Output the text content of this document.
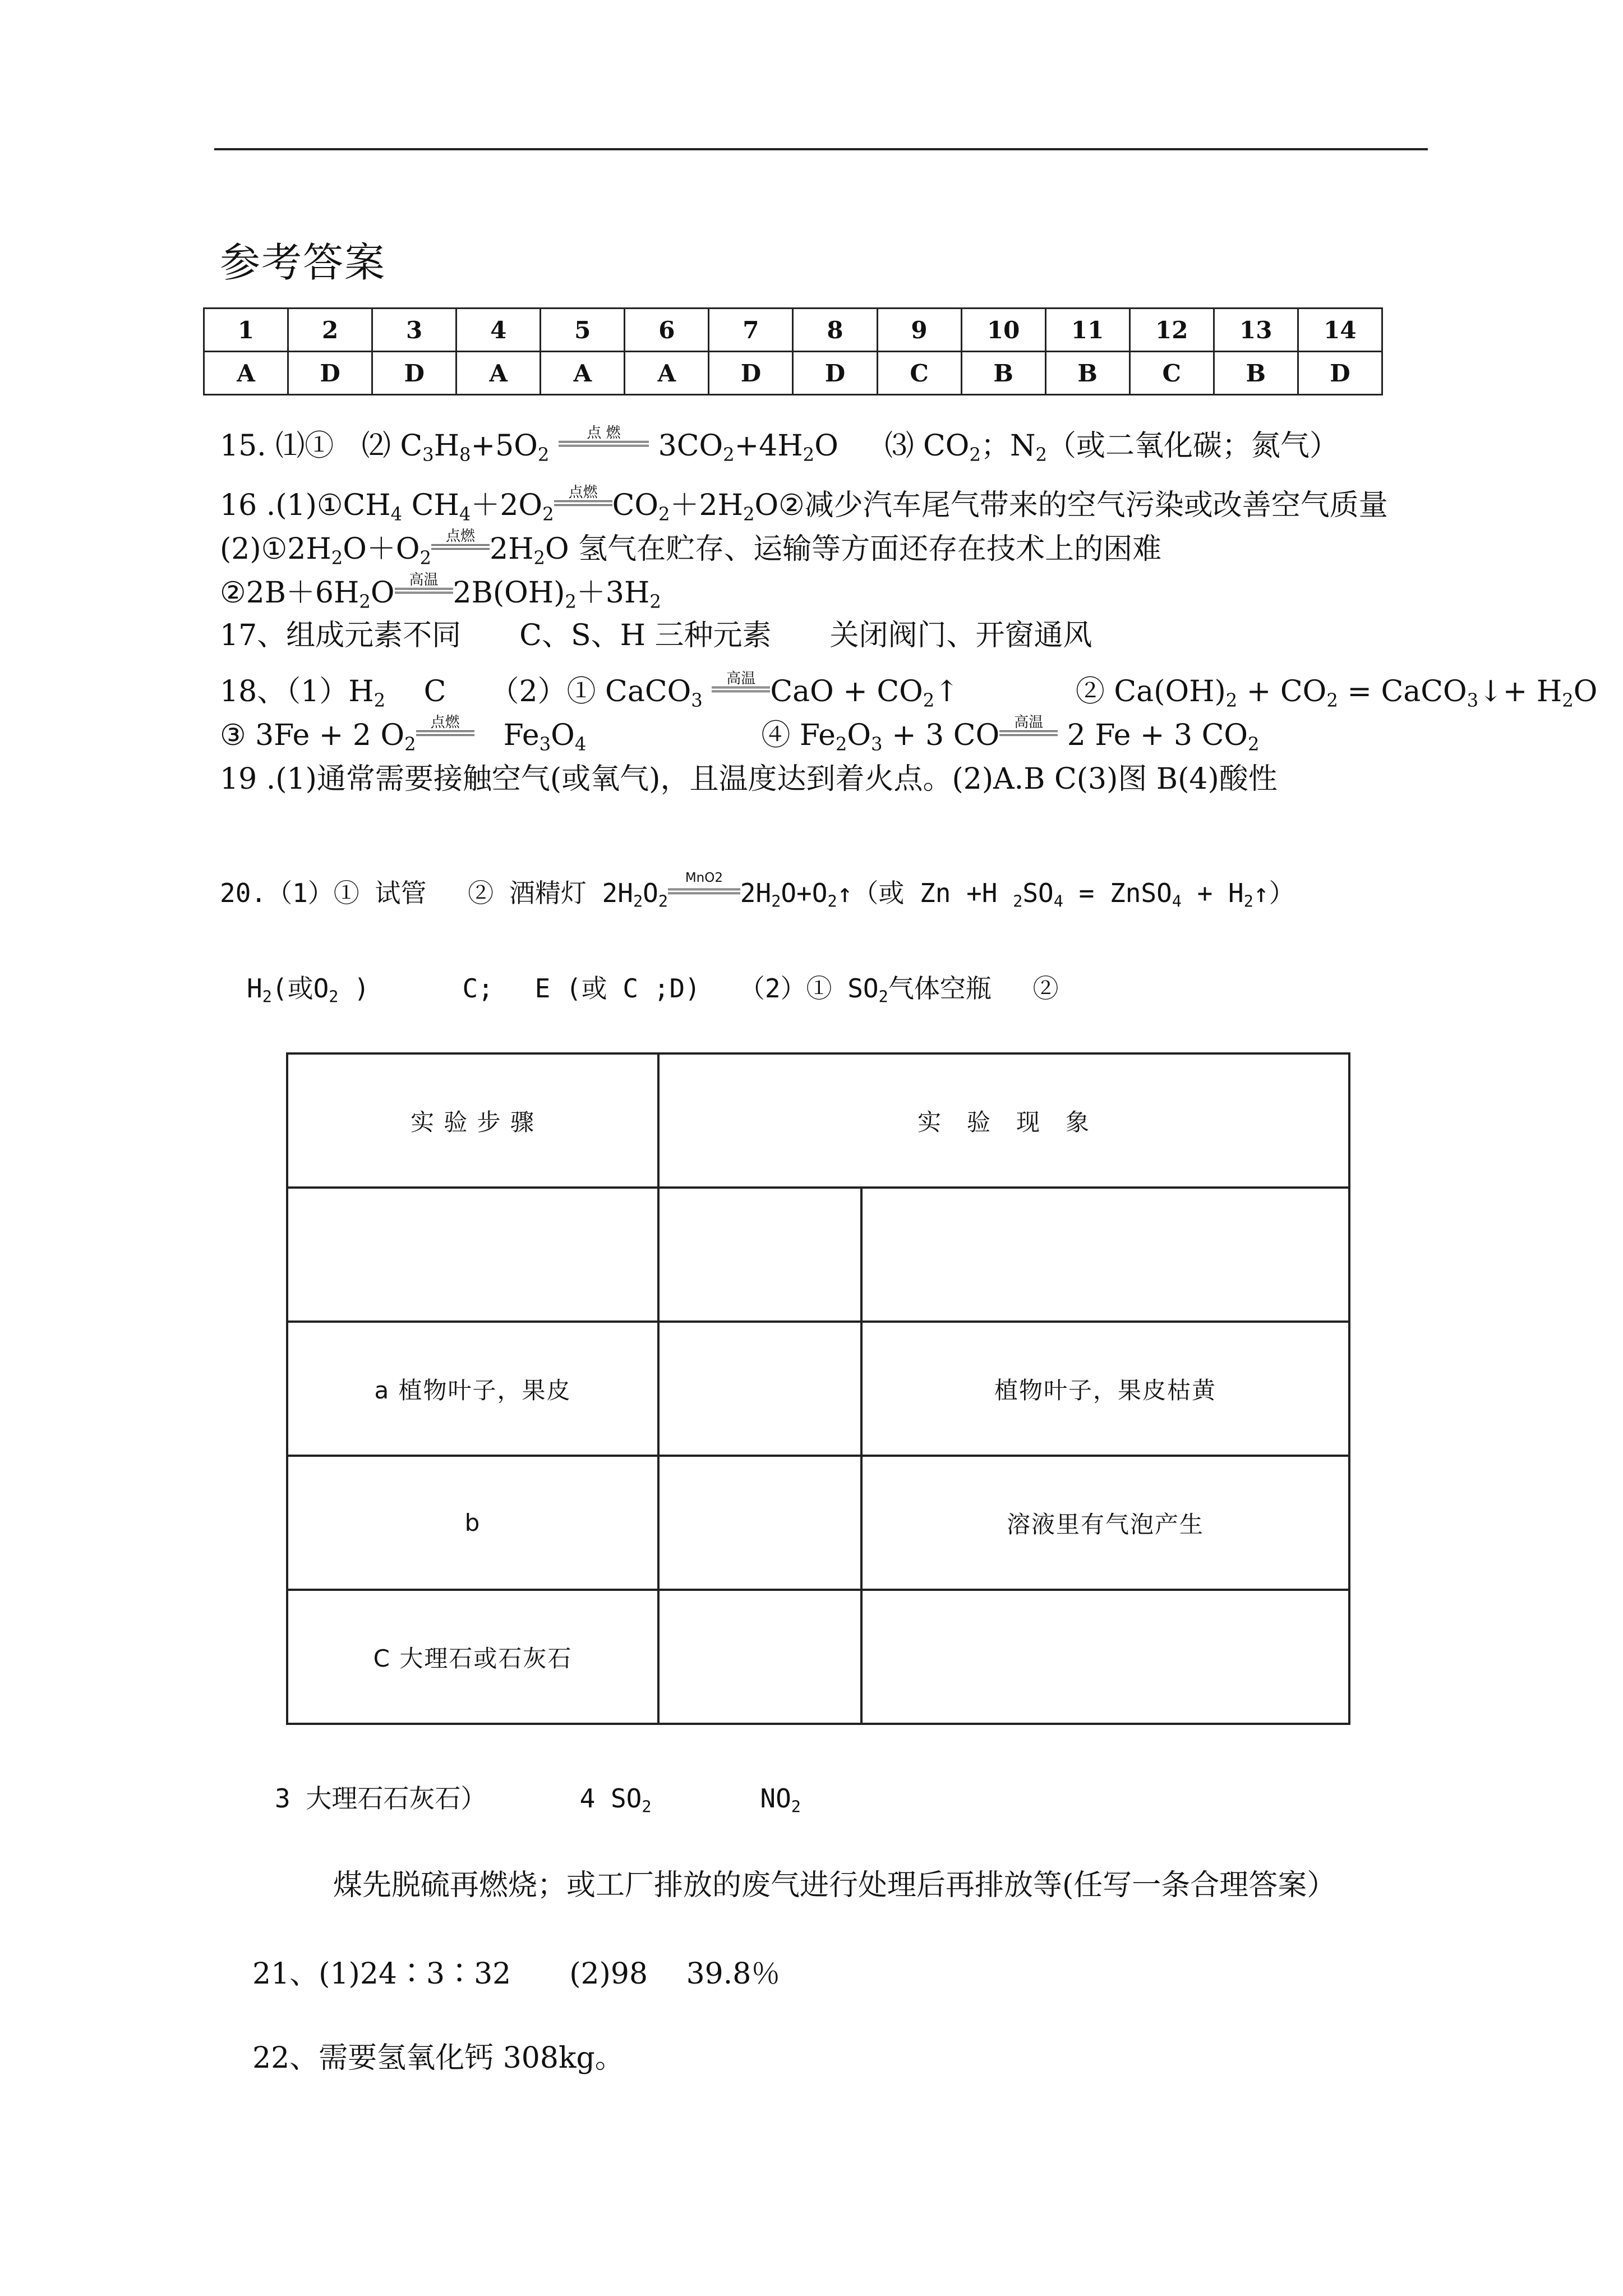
参考答案
1	2	3	4	5	6	7	8	9	10	11	12	13	14
A	D	D	A	A	A	D	D	C	B	B	C	B	D
15. ⑴① ⑵ $C_3H_8+5O_2$
点 燃	$3CO_2+4H_2O$ ⑶ $CO_2$；$N_2$（或二氧化碳；氮气）
16 $.(1)①CH_4$ $CH_4+2O_2$
点燃 $CO_2+2H_2O②$减少汽车尾气带来的空气污染或改善空气质量
$(2)①2H_2O+O_2$
点燃 $2H_2O$ 氢气在贮存、运输等方面还存在技术上的困难
$②2B+6H_2O$ 高温 $2B(OH)_2+3H_2$
17、组成元素不同　　C、S、H 三种元素　　关闭阀门、开窗通风
18、$(1)H_2$　 C　　（2）① CaCO$_3$
高温 CaO + $CO_2↑$　　　　② $Ca(OH)_2 + CO_2$ = CaCO$_3$↓+ $H_2O$
③ 3Fe + 2 $O_2$
点燃 　$Fe_3O_4$　　　　　　④ $Fe_2O_3 + 3$ CO 高温 2 Fe + 3 $CO_2$
19 .(1)通常需要接触空气(或氧气)，且温度达到着火点。(2)A.B C(3)图 B(4)酸性
20.（1）① 试管　 ② 酒精灯 $2H_2O_2$
MnO2 $2H_2O+O_2↑$（或 Zn +H $_2SO_4$ = ZnSO$_4$ + $H_2↑$）
$H_2$(或$O_2$ )　　　 C;　 E (或 C ;D)　　（2）① $SO_2$气体空瓶　 ②
实 验 步 骤	实　验　现　象	

a 植物叶子，果皮		植物叶子，果皮枯黄
b		溶液里有气泡产生
C 大理石或石灰石		
3 大理石石灰石）	4 $SO_2$	$NO_2$
煤先脱硫再燃烧；或工厂排放的废气进行处理后再排放等(任写一条合理答案）
21、(1)24∶3∶32　　(2)98　 39.8％
22、需要氢氧化钙 308kg。
